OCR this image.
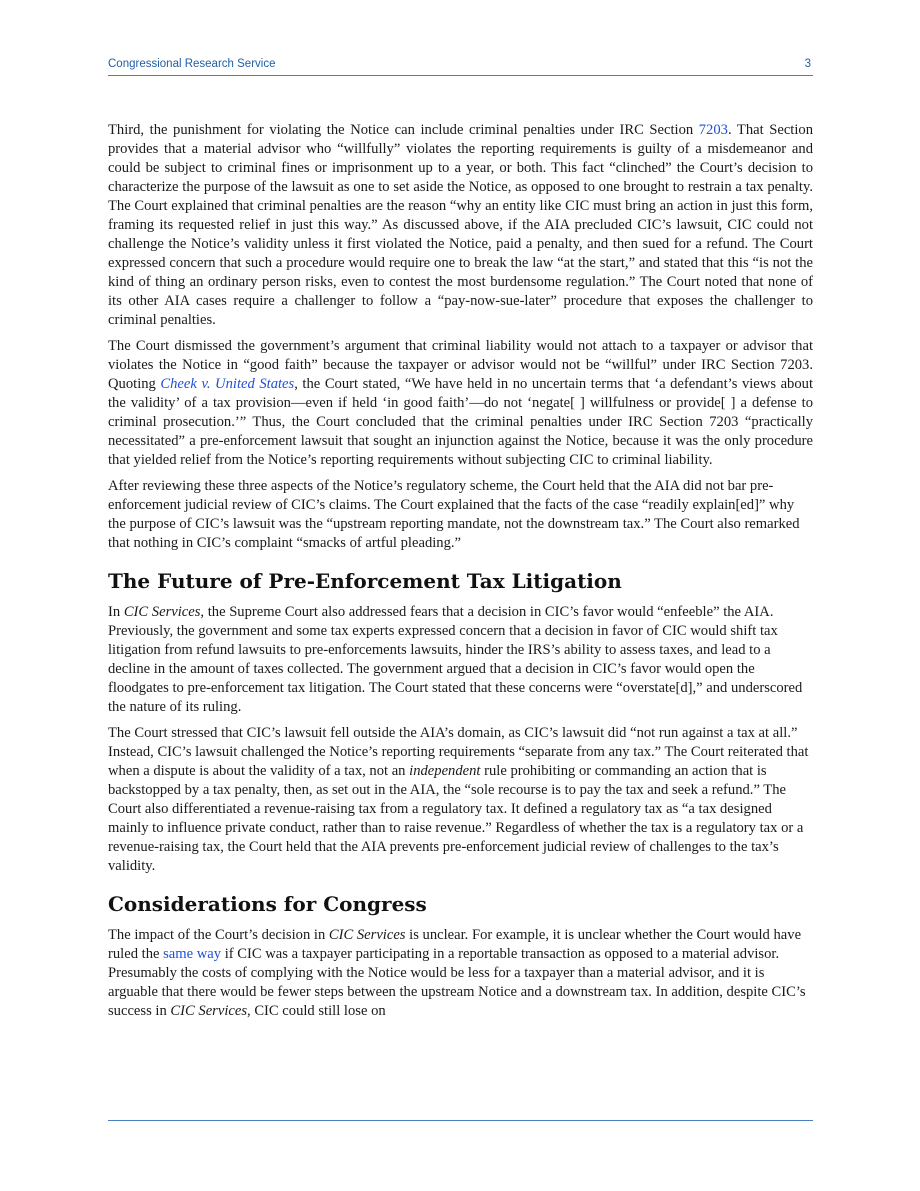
Congressional Research Service	3

Third, the punishment for violating the Notice can include criminal penalties under IRC Section 7203. That Section provides that a material advisor who “willfully” violates the reporting requirements is guilty of a misdemeanor and could be subject to criminal fines or imprisonment up to a year, or both. This fact “clinched” the Court’s decision to characterize the purpose of the lawsuit as one to set aside the Notice, as opposed to one brought to restrain a tax penalty. The Court explained that criminal penalties are the reason “why an entity like CIC must bring an action in just this form, framing its requested relief in just this way.” As discussed above, if the AIA precluded CIC’s lawsuit, CIC could not challenge the Notice’s validity unless it first violated the Notice, paid a penalty, and then sued for a refund. The Court expressed concern that such a procedure would require one to break the law “at the start,” and stated that this “is not the kind of thing an ordinary person risks, even to contest the most burdensome regulation.” The Court noted that none of its other AIA cases require a challenger to follow a “pay-now-sue-later” procedure that exposes the challenger to criminal penalties.

The Court dismissed the government’s argument that criminal liability would not attach to a taxpayer or advisor that violates the Notice in “good faith” because the taxpayer or advisor would not be “willful” under IRC Section 7203. Quoting Cheek v. United States, the Court stated, “We have held in no uncertain terms that ‘a defendant’s views about the validity’ of a tax provision—even if held ‘in good faith’—do not ‘negate[ ] willfulness or provide[ ] a defense to criminal prosecution.’” Thus, the Court concluded that the criminal penalties under IRC Section 7203 “practically necessitated” a pre-enforcement lawsuit that sought an injunction against the Notice, because it was the only procedure that yielded relief from the Notice’s reporting requirements without subjecting CIC to criminal liability.

After reviewing these three aspects of the Notice’s regulatory scheme, the Court held that the AIA did not bar pre-enforcement judicial review of CIC’s claims. The Court explained that the facts of the case “readily explain[ed]” why the purpose of CIC’s lawsuit was the “upstream reporting mandate, not the downstream tax.” The Court also remarked that nothing in CIC’s complaint “smacks of artful pleading.”

The Future of Pre-Enforcement Tax Litigation

In CIC Services, the Supreme Court also addressed fears that a decision in CIC’s favor would “enfeeble” the AIA. Previously, the government and some tax experts expressed concern that a decision in favor of CIC would shift tax litigation from refund lawsuits to pre-enforcements lawsuits, hinder the IRS’s ability to assess taxes, and lead to a decline in the amount of taxes collected. The government argued that a decision in CIC’s favor would open the floodgates to pre-enforcement tax litigation. The Court stated that these concerns were “overstate[d],” and underscored the nature of its ruling.

The Court stressed that CIC’s lawsuit fell outside the AIA’s domain, as CIC’s lawsuit did “not run against a tax at all.” Instead, CIC’s lawsuit challenged the Notice’s reporting requirements “separate from any tax.” The Court reiterated that when a dispute is about the validity of a tax, not an independent rule prohibiting or commanding an action that is backstopped by a tax penalty, then, as set out in the AIA, the “sole recourse is to pay the tax and seek a refund.” The Court also differentiated a revenue-raising tax from a regulatory tax. It defined a regulatory tax as “a tax designed mainly to influence private conduct, rather than to raise revenue.” Regardless of whether the tax is a regulatory tax or a revenue-raising tax, the Court held that the AIA prevents pre-enforcement judicial review of challenges to the tax’s validity.

Considerations for Congress

The impact of the Court’s decision in CIC Services is unclear. For example, it is unclear whether the Court would have ruled the same way if CIC was a taxpayer participating in a reportable transaction as opposed to a material advisor. Presumably the costs of complying with the Notice would be less for a taxpayer than a material advisor, and it is arguable that there would be fewer steps between the upstream Notice and a downstream tax. In addition, despite CIC’s success in CIC Services, CIC could still lose on
